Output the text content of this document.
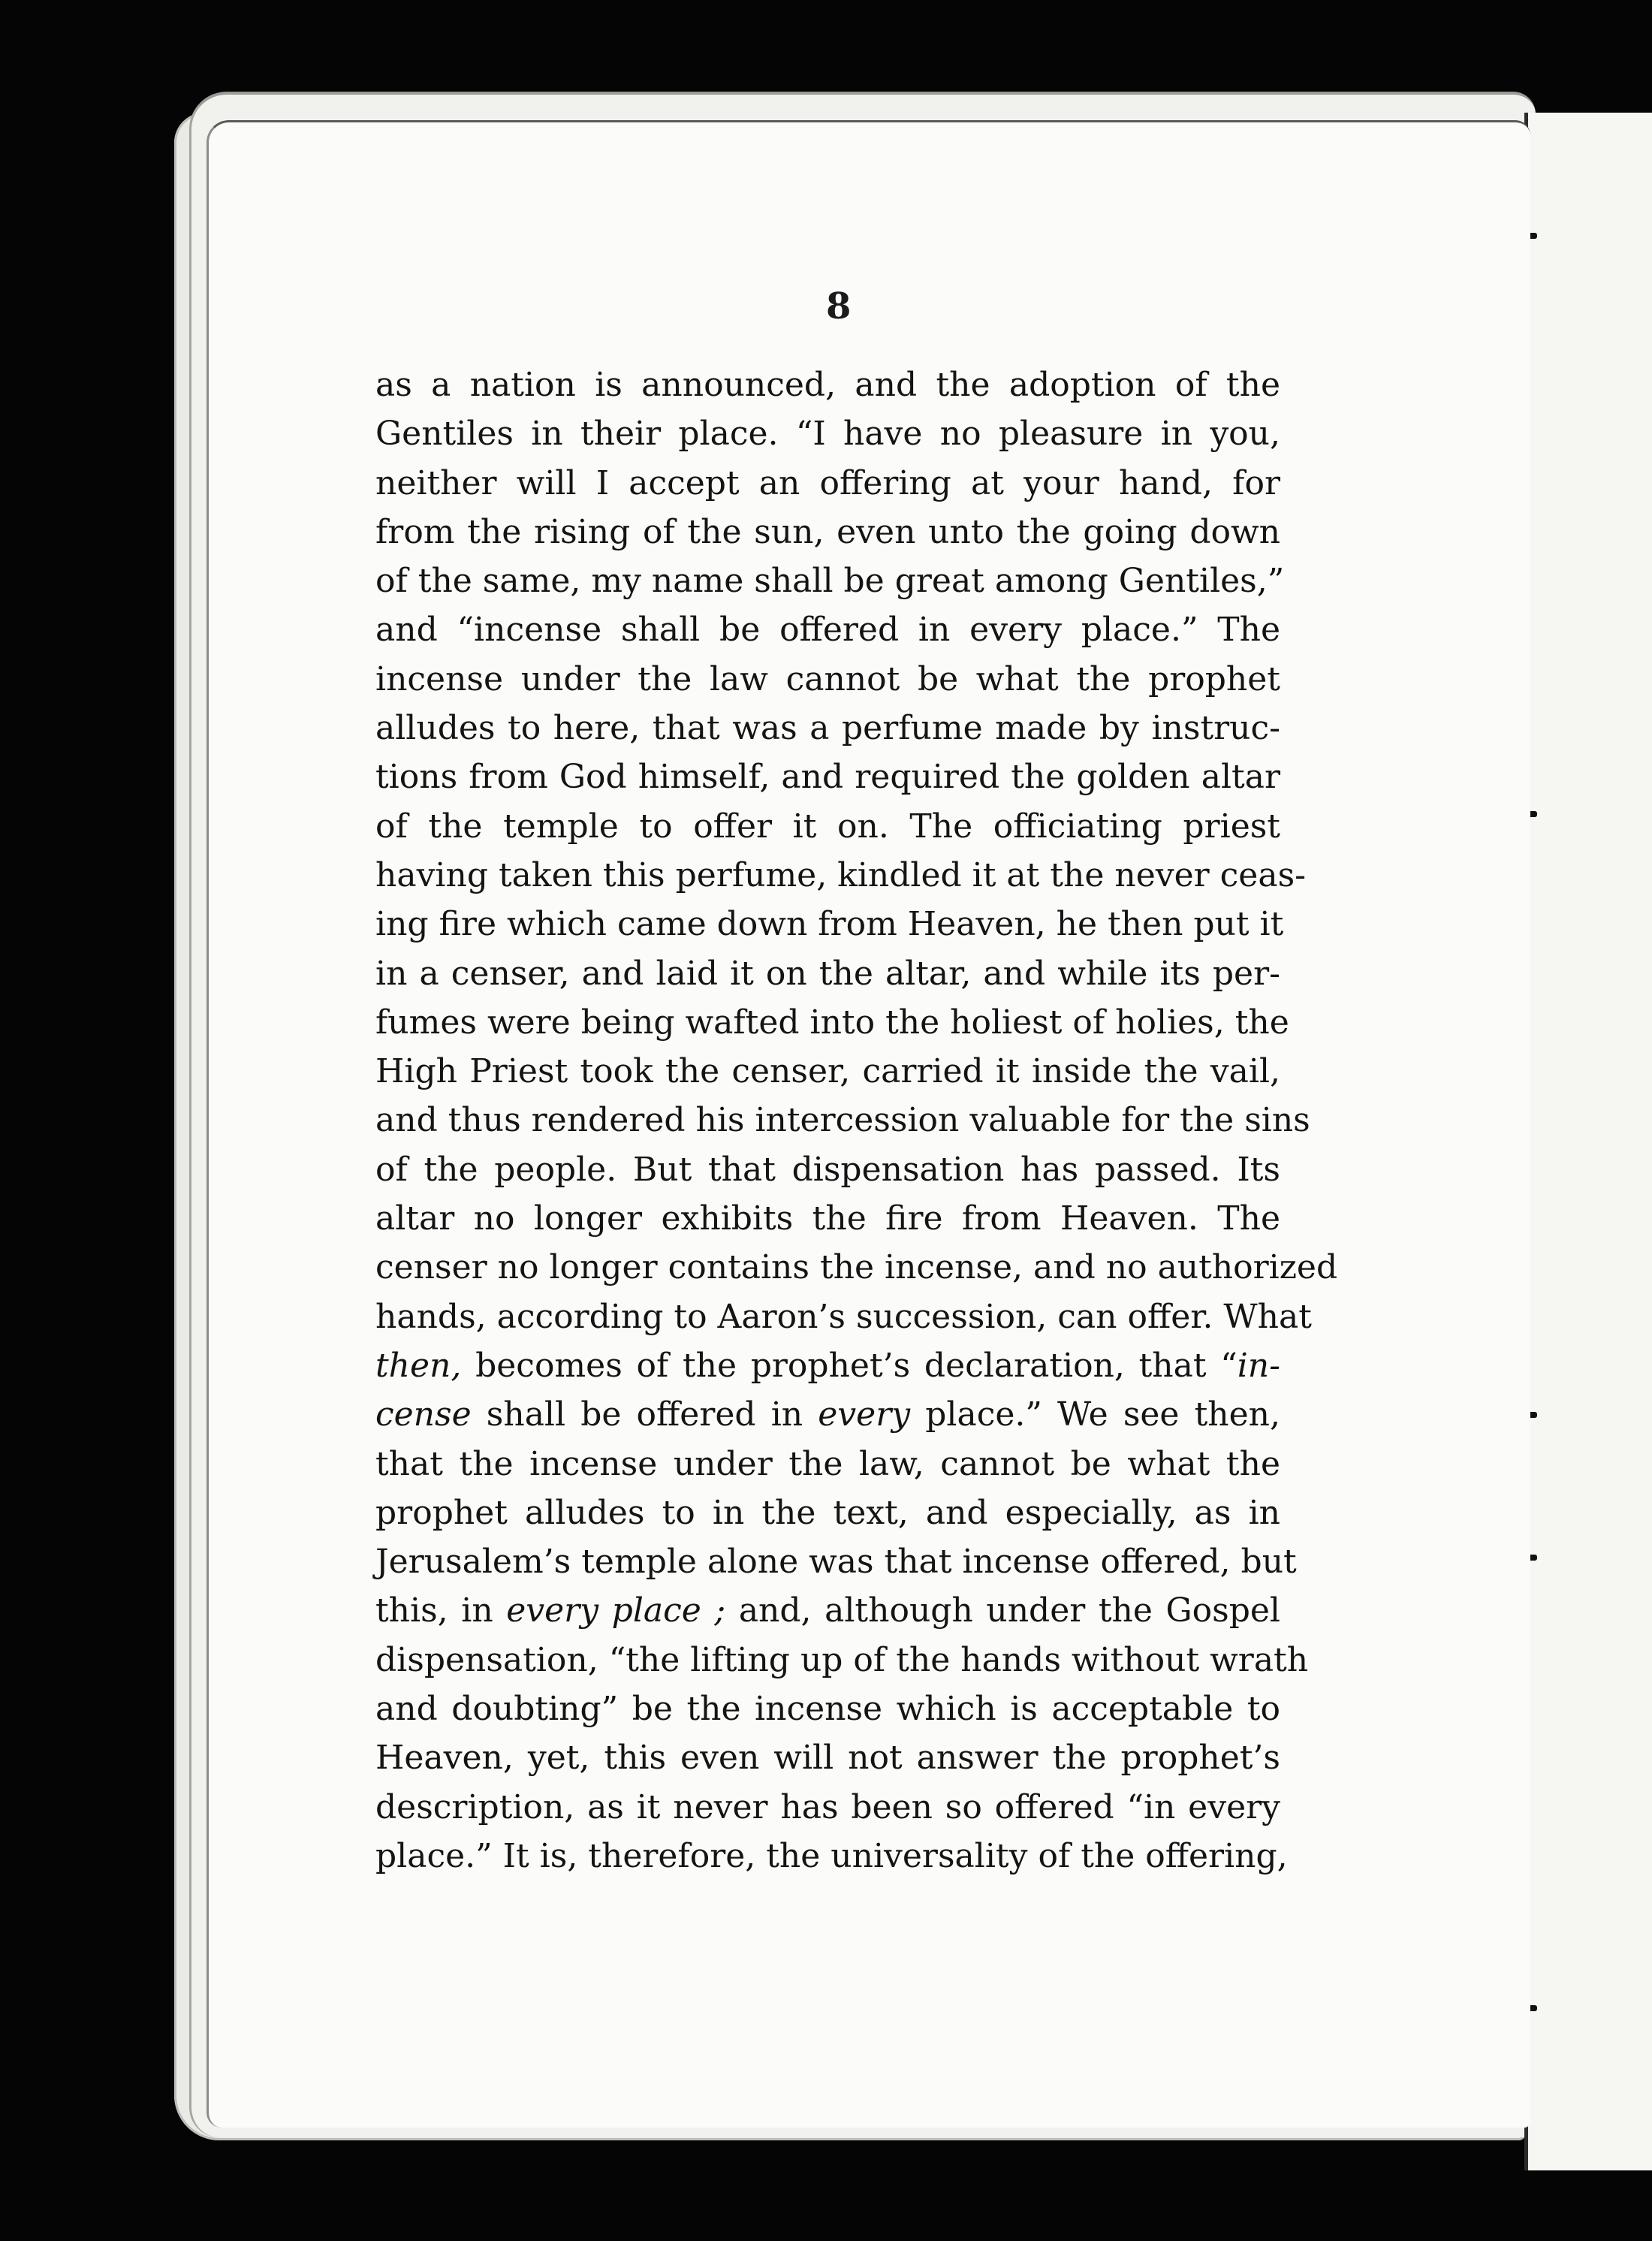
8
as a nation is announced, and the adoption of the
Gentiles in their place. “I have no pleasure in you,
neither will I accept an offering at your hand, for
from the rising of the sun, even unto the going down
of the same, my name shall be great among Gentiles,”
and “incense shall be offered in every place.” The
incense under the law cannot be what the prophet
alludes to here, that was a perfume made by instruc-
tions from God himself, and required the golden altar
of the temple to offer it on. The officiating priest
having taken this perfume, kindled it at the never ceas-
ing fire which came down from Heaven, he then put it
in a censer, and laid it on the altar, and while its per-
fumes were being wafted into the holiest of holies, the
High Priest took the censer, carried it inside the vail,
and thus rendered his intercession valuable for the sins
of the people. But that dispensation has passed. Its
altar no longer exhibits the fire from Heaven. The
censer no longer contains the incense, and no authorized
hands, according to Aaron’s succession, can offer. What
then, becomes of the prophet’s declaration, that “in-
cense shall be offered in every place.” We see then,
that the incense under the law, cannot be what the
prophet alludes to in the text, and especially, as in
Jerusalem’s temple alone was that incense offered, but
this, in every place ; and, although under the Gospel
dispensation, “the lifting up of the hands without wrath
and doubting” be the incense which is acceptable to
Heaven, yet, this even will not answer the prophet’s
description, as it never has been so offered “in every
place.” It is, therefore, the universality of the offering,
